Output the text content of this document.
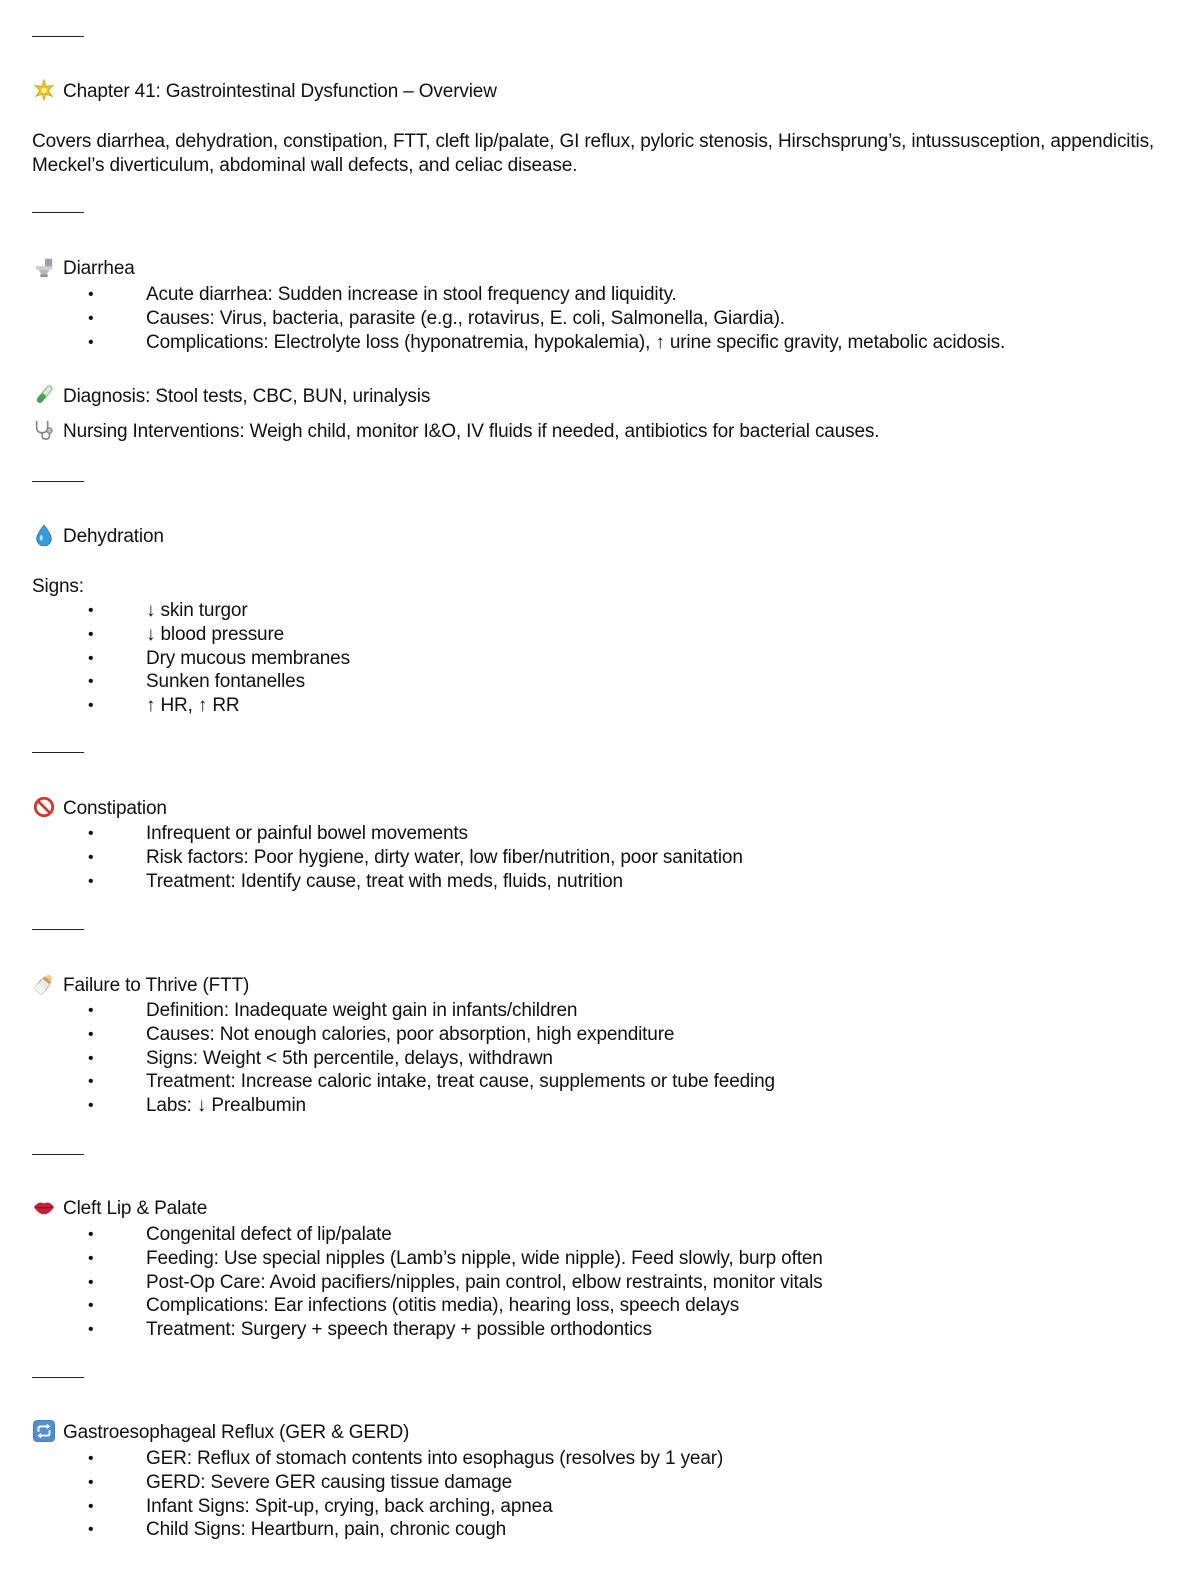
Chapter 41: Gastrointestinal Dysfunction – Overview
Covers diarrhea, dehydration, constipation, FTT, cleft lip/palate, GI reflux, pyloric stenosis, Hirschsprung’s, intussusception, appendicitis, Meckel’s diverticulum, abdominal wall defects, and celiac disease.
Diarrhea
• Acute diarrhea: Sudden increase in stool frequency and liquidity.
• Causes: Virus, bacteria, parasite (e.g., rotavirus, E. coli, Salmonella, Giardia).
• Complications: Electrolyte loss (hyponatremia, hypokalemia), ↑ urine specific gravity, metabolic acidosis.
Diagnosis: Stool tests, CBC, BUN, urinalysis
Nursing Interventions: Weigh child, monitor I&O, IV fluids if needed, antibiotics for bacterial causes.
Dehydration
Signs:
• ↓ skin turgor
• ↓ blood pressure
• Dry mucous membranes
• Sunken fontanelles
• ↑ HR, ↑ RR
Constipation
• Infrequent or painful bowel movements
• Risk factors: Poor hygiene, dirty water, low fiber/nutrition, poor sanitation
• Treatment: Identify cause, treat with meds, fluids, nutrition
Failure to Thrive (FTT)
• Definition: Inadequate weight gain in infants/children
• Causes: Not enough calories, poor absorption, high expenditure
• Signs: Weight < 5th percentile, delays, withdrawn
• Treatment: Increase caloric intake, treat cause, supplements or tube feeding
• Labs: ↓ Prealbumin
Cleft Lip & Palate
• Congenital defect of lip/palate
• Feeding: Use special nipples (Lamb’s nipple, wide nipple). Feed slowly, burp often
• Post-Op Care: Avoid pacifiers/nipples, pain control, elbow restraints, monitor vitals
• Complications: Ear infections (otitis media), hearing loss, speech delays
• Treatment: Surgery + speech therapy + possible orthodontics
Gastroesophageal Reflux (GER & GERD)
• GER: Reflux of stomach contents into esophagus (resolves by 1 year)
• GERD: Severe GER causing tissue damage
• Infant Signs: Spit-up, crying, back arching, apnea
• Child Signs: Heartburn, pain, chronic cough
